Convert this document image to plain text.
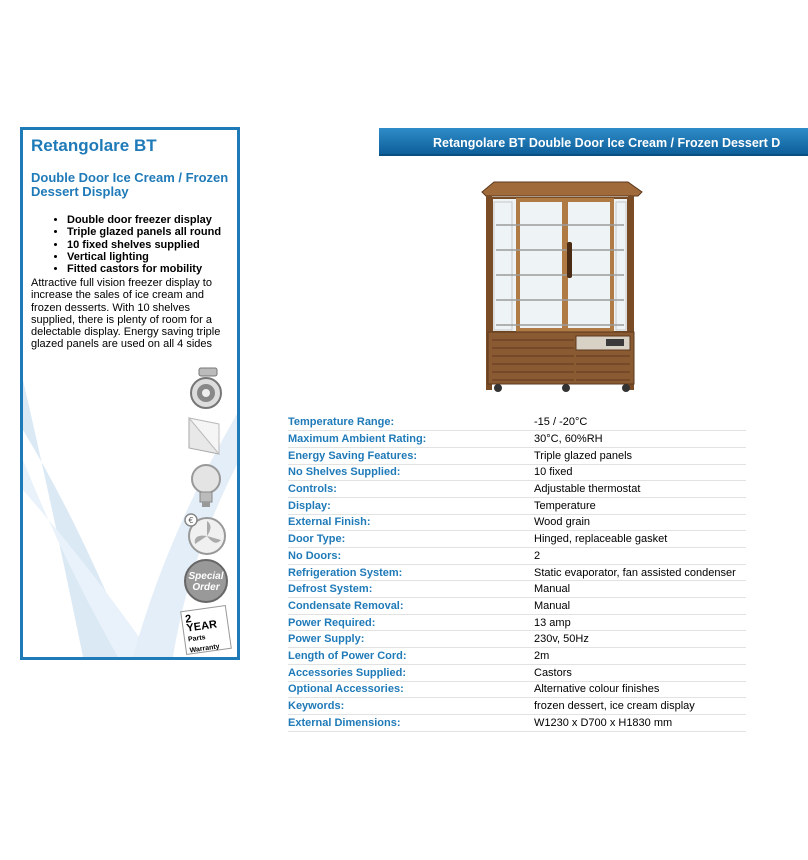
Retangolare BT
Double Door Ice Cream / Frozen Dessert Display
• Double door freezer display
• Triple glazed panels all round
• 10 fixed shelves supplied
• Vertical lighting
• Fitted castors for mobility

Attractive full vision freezer display to increase the sales of ice cream and frozen desserts. With 10 shelves supplied, there is plenty of room for a delectable display. Energy saving triple glazed panels are used on all 4 sides

€
Special
Order
2 YEAR
Parts
Warranty
Retangolare BT Double Door Ice Cream / Frozen Dessert D
Temperature Range:	-15 / -20°C
Maximum Ambient Rating:	30°C, 60%RH
Energy Saving Features:	Triple glazed panels
No Shelves Supplied:	10 fixed
Controls:	Adjustable thermostat
Display:	Temperature
External Finish:	Wood grain
Door Type:	Hinged, replaceable gasket
No Doors:	2
Refrigeration System:	Static evaporator, fan assisted condenser
Defrost System:	Manual
Condensate Removal:	Manual
Power Required:	13 amp
Power Supply:	230v, 50Hz
Length of Power Cord:	2m
Accessories Supplied:	Castors
Optional Accessories:	Alternative colour finishes
Keywords:	frozen dessert, ice cream display
External Dimensions:	W1230 x D700 x H1830 mm
